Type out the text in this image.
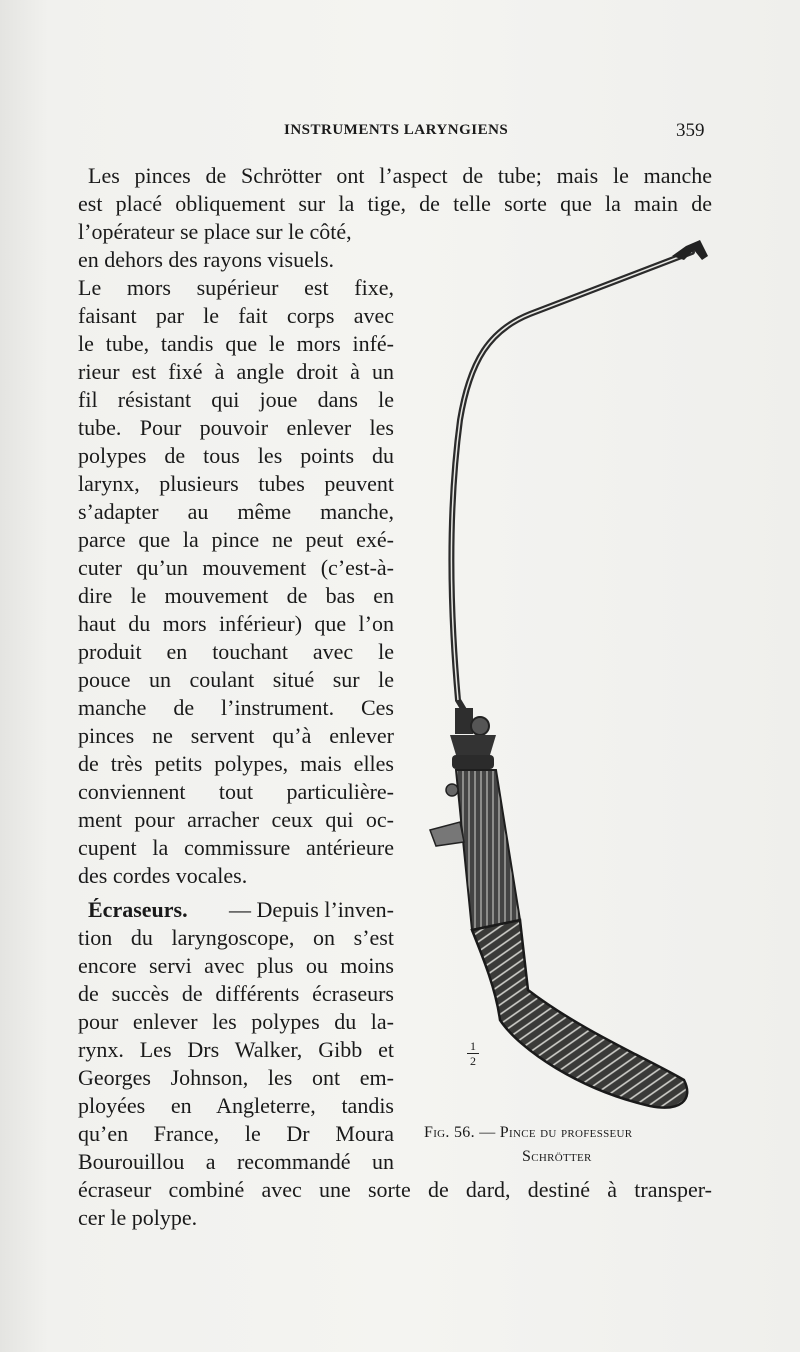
INSTRUMENTS LARYNGIENS	359
Les pinces de Schrötter ont l’aspect de tube; mais le manche
est placé obliquement sur la tige, de telle sorte que la main de
l’opérateur se place sur le côté,
en dehors des rayons visuels.
Le mors supérieur est fixe,
faisant par le fait corps avec
le tube, tandis que le mors infé-
rieur est fixé à angle droit à un
fil résistant qui joue dans le
tube. Pour pouvoir enlever les
polypes de tous les points du
larynx, plusieurs tubes peuvent
s’adapter au même manche,
parce que la pince ne peut exé-
cuter qu’un mouvement (c’est-à-
dire le mouvement de bas en
haut du mors inférieur) que l’on
produit en touchant avec le
pouce un coulant situé sur le
manche de l’instrument. Ces
pinces ne servent qu’à enlever
de très petits polypes, mais elles
conviennent tout particulière-
ment pour arracher ceux qui oc-
cupent la commissure antérieure
des cordes vocales.
Écraseurs. — Depuis l’inven-
tion du laryngoscope, on s’est
encore servi avec plus ou moins
de succès de différents écraseurs
pour enlever les polypes du la-
rynx. Les Drs Walker, Gibb et
Georges Johnson, les ont em-
ployées en Angleterre, tandis
qu’en France, le Dr Moura
Bourouillou a recommandé un
écraseur combiné avec une sorte de dard, destiné à transper-
cer le polype.
1
2
Fig. 56. — Pince du professeur
Schrötter
